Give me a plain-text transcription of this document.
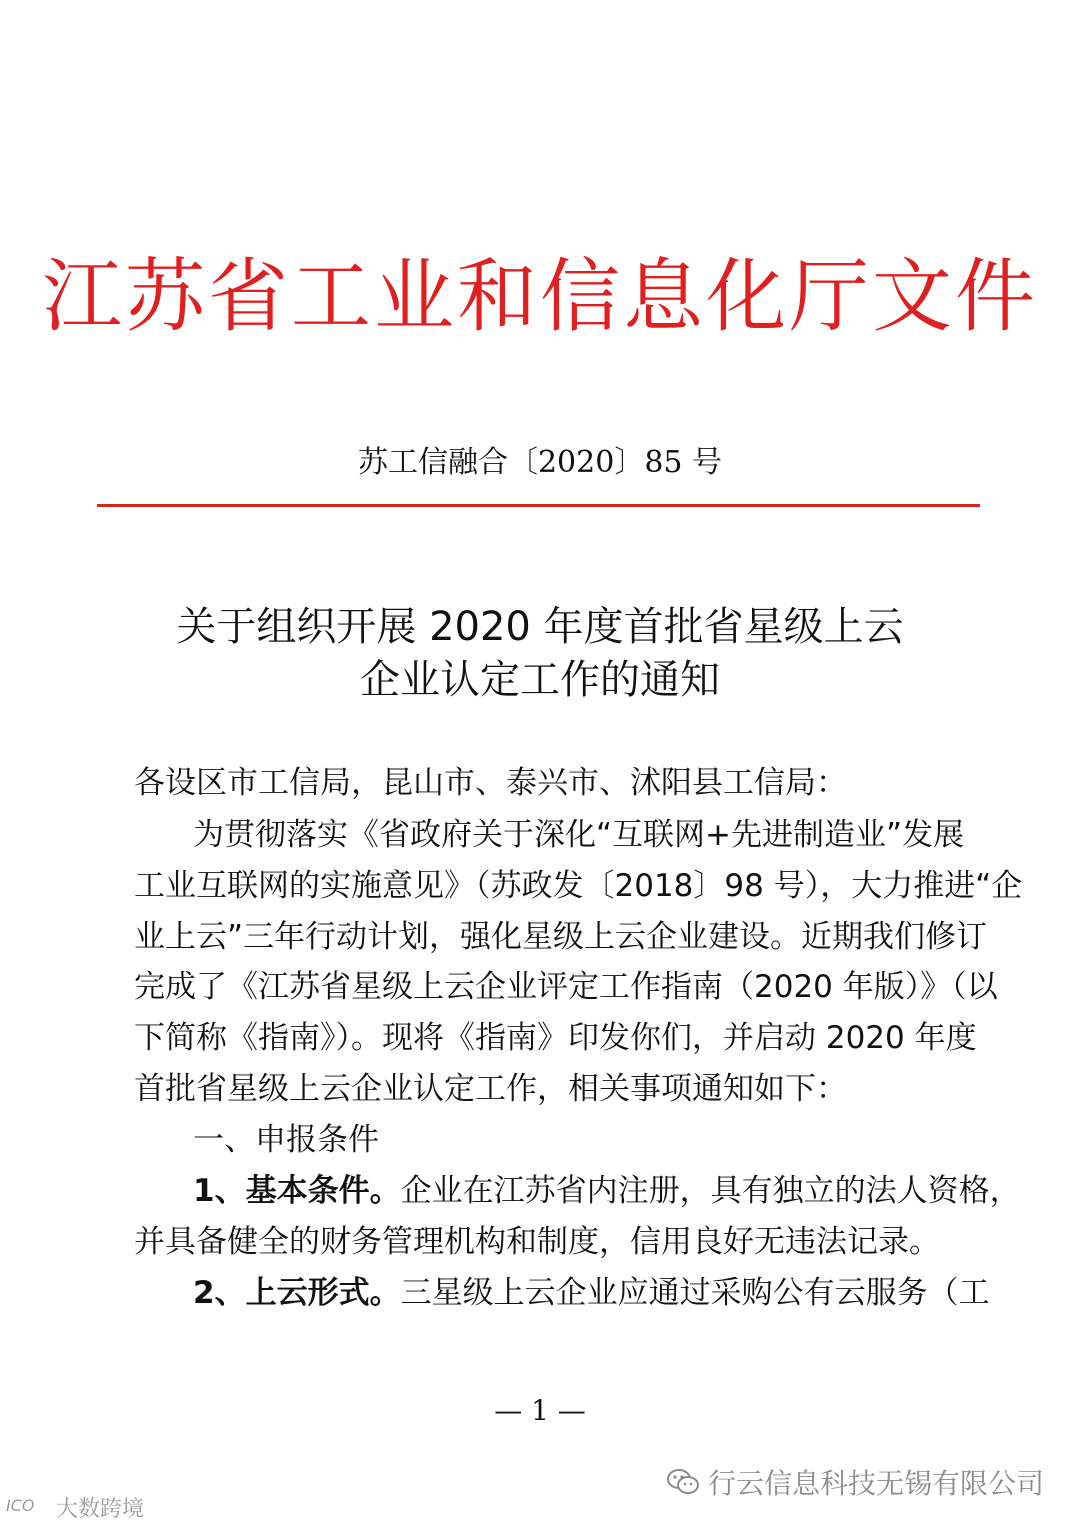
江苏省工业和信息化厅文件
苏工信融合〔2020〕85 号
关于组织开展 2020 年度首批省星级上云
企业认定工作的通知
各设区市工信局，昆山市、泰兴市、沭阳县工信局：
为贯彻落实《省政府关于深化“互联网+先进制造业”发展
工业互联网的实施意见》（苏政发〔2018〕98 号），大力推进“企
业上云”三年行动计划，强化星级上云企业建设。近期我们修订
完成了《江苏省星级上云企业评定工作指南（2020 年版）》（以
下简称《指南》）。现将《指南》印发你们，并启动 2020 年度
首批省星级上云企业认定工作，相关事项通知如下：
一、申报条件
1、基本条件。企业在江苏省内注册，具有独立的法人资格，
并具备健全的财务管理机构和制度，信用良好无违法记录。
2、上云形式。三星级上云企业应通过采购公有云服务（工
— 1 —
行云信息科技无锡有限公司
ICO 大数跨境
